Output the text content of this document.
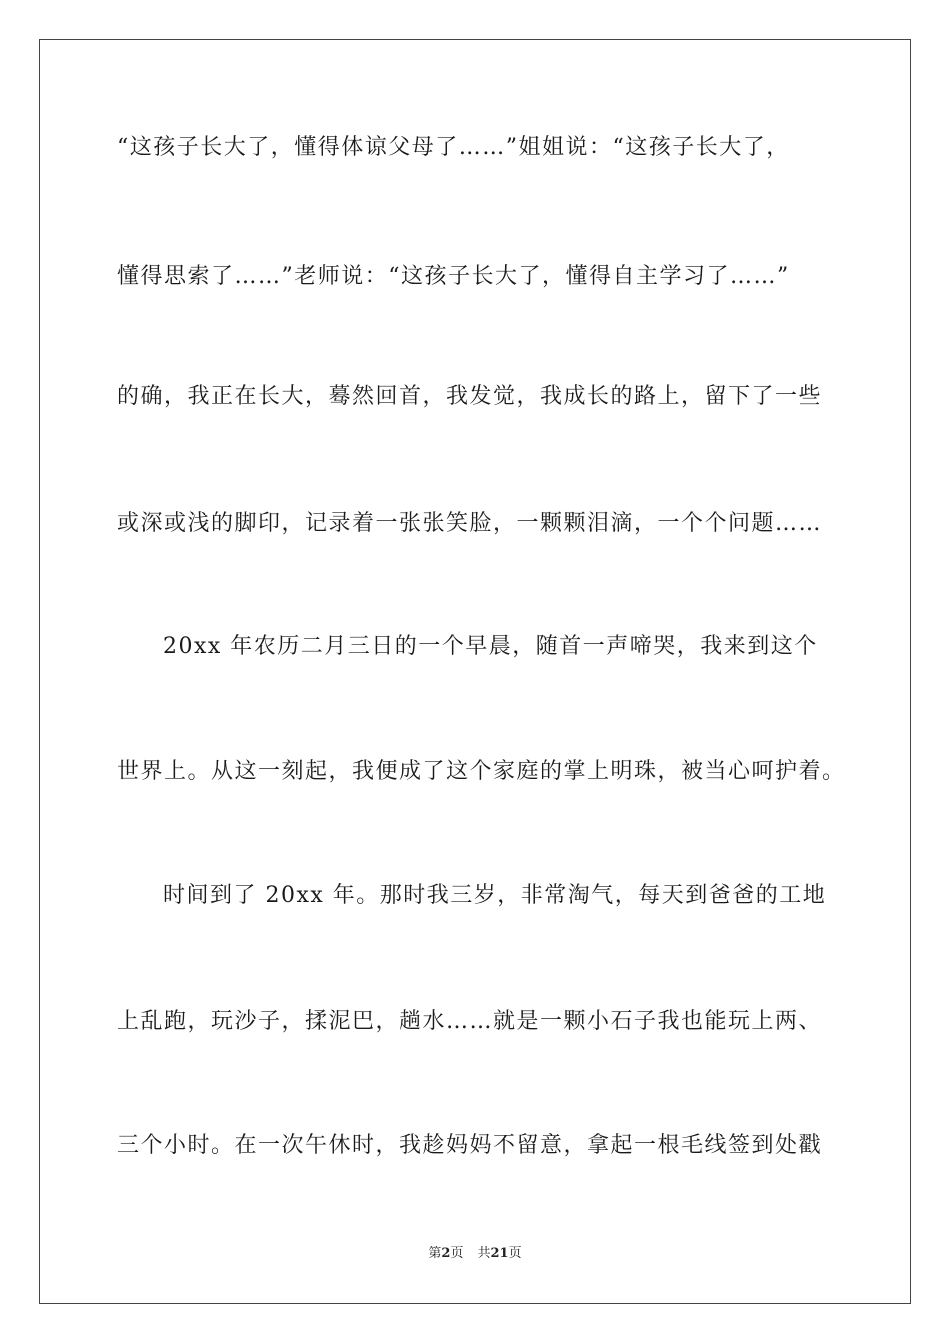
“这孩子长大了，懂得体谅父母了……”姐姐说：“这孩子长大了，
懂得思索了……”老师说：“这孩子长大了，懂得自主学习了……”
的确，我正在长大，蓦然回首，我发觉，我成长的路上，留下了一些
或深或浅的脚印，记录着一张张笑脸，一颗颗泪滴，一个个问题……
20xx 年农历二月三日的一个早晨，随首一声啼哭，我来到这个
世界上。从这一刻起，我便成了这个家庭的掌上明珠，被当心呵护着。
时间到了 20xx 年。那时我三岁，非常淘气，每天到爸爸的工地
上乱跑，玩沙子，揉泥巴，趟水……就是一颗小石子我也能玩上两、
三个小时。在一次午休时，我趁妈妈不留意，拿起一根毛线签到处戳
第2页 共21页
